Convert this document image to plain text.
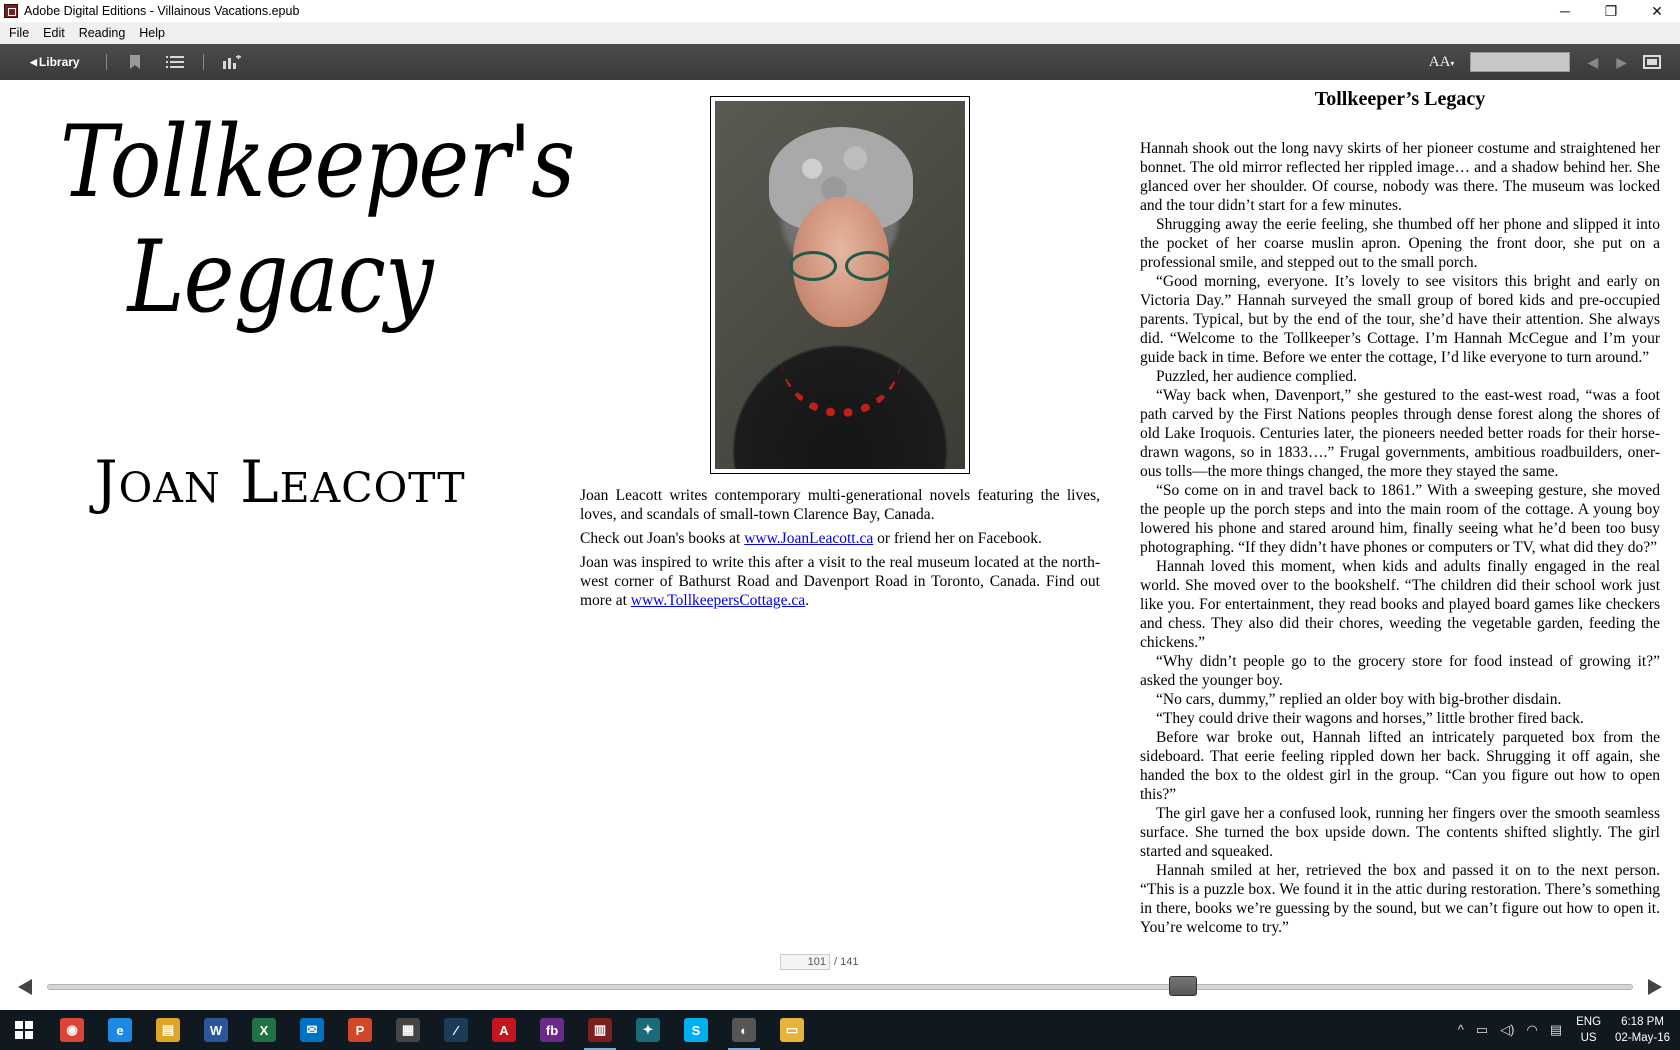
Adobe Digital Editions - Villainous Vacations.epub	─	❐	✕
File	Edit	Reading	Help
◀ Library	AA▾	◀ ▶
Tollkeeper's
Legacy
Joan Leacott	Joan Leacott writes contemporary multi-generational novels featuring the lives, loves, and scandals of small-town Clarence Bay, Canada.

Check out Joan's books at www.JoanLeacott.ca or friend her on Facebook.

Joan was inspired to write this after a visit to the real museum located at the north-west corner of Bathurst Road and Davenport Road in Toronto, Canada. Find out more at www.TollkeepersCottage.ca.

Tollkeeper’s Legacy

Hannah shook out the long navy skirts of her pioneer costume and straightened her bonnet. The old mirror reflected her rippled image… and a shadow behind her. She glanced over her shoulder. Of course, nobody was there. The museum was locked and the tour didn’t start for a few minutes.

Shrugging away the eerie feeling, she thumbed off her phone and slipped it into the pocket of her coarse muslin apron. Opening the front door, she put on a professional smile, and stepped out to the small porch.

“Good morning, everyone. It’s lovely to see visitors this bright and early on Victoria Day.” Hannah surveyed the small group of bored kids and pre-occupied parents. Typical, but by the end of the tour, she’d have their attention. She always did. “Welcome to the Tollkeeper’s Cottage. I’m Hannah McCegue and I’m your guide back in time. Before we enter the cottage, I’d like everyone to turn around.”

Puzzled, her audience complied.

“Way back when, Davenport,” she gestured to the east-west road, “was a foot path carved by the First Nations peoples through dense forest along the shores of old Lake Iroquois. Centuries later, the pioneers needed better roads for their horse-drawn wagons, so in 1833….” Frugal governments, ambitious roadbuilders, oner-ous tolls—the more things changed, the more they stayed the same.

“So come on in and travel back to 1861.” With a sweeping gesture, she moved the people up the porch steps and into the main room of the cottage. A young boy lowered his phone and stared around him, finally seeing what he’d been too busy photographing. “If they didn’t have phones or computers or TV, what did they do?”

Hannah loved this moment, when kids and adults finally engaged in the real world. She moved over to the bookshelf. “The children did their school work just like you. For entertainment, they read books and played board games like checkers and chess. They also did their chores, weeding the vegetable garden, feeding the chickens.”

“Why didn’t people go to the grocery store for food instead of growing it?” asked the younger boy.

“No cars, dummy,” replied an older boy with big-brother disdain.

“They could drive their wagons and horses,” little brother fired back.

Before war broke out, Hannah lifted an intricately parqueted box from the sideboard. That eerie feeling rippled down her back. Shrugging it off again, she handed the box to the oldest girl in the group. “Can you figure out how to open this?”

The girl gave her a confused look, running her fingers over the smooth seamless surface. She turned the box upside down. The contents shifted slightly. The girl started and squeaked.

Hannah smiled at her, retrieved the box and passed it on to the next person. “This is a puzzle box. We found it in the attic during restoration. There’s something in there, books we’re guessing by the sound, but we can’t figure out how to open it. You’re welcome to try.”

101 / 141
◉	e	▤	W	X	✉	P	▦	∕	A	fb	▥	✦	S	◐	▭	^ ▭ ◁) ◠ ▤ ENG
US
6:18 PM
02-May-16
